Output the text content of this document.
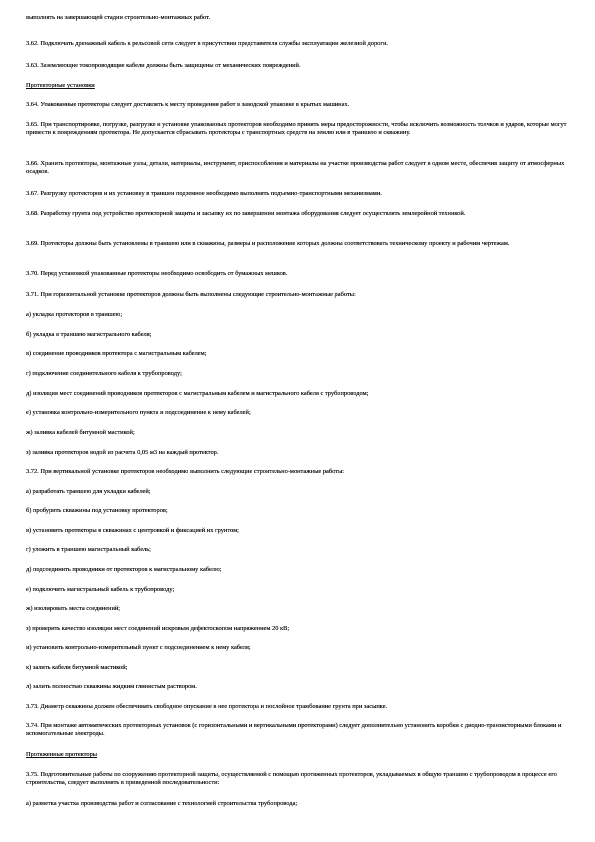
выполнять на завершающей стадии строительно-монтажных работ.

3.62. Подключать дренажный кабель к рельсовой сети следует в присутствии представителя службы эксплуатации железной дороги.

3.63. Заземляющие токопроводящие кабели должны быть защищены от механических повреждений.

Протекторные установки

3.64. Упакованные протекторы следует доставлять к месту проведения работ в заводской упаковке в крытых машинах.

3.65. При транспортировке, погрузке, разгрузке и установке упакованных протекторов необходимо принять меры предосторожности, чтобы исключить возможность толчков и ударов, которые могут привести к повреждениям протектора. Не допускается сбрасывать протекторы с транспортных средств на землю или в траншею и скважину.

3.66. Хранить протекторы, монтажные узлы, детали, материалы, инструмент, приспособления и материалы на участке производства работ следует в одном месте, обеспечив защиту от атмосферных осадков.

3.67. Разгрузку протекторов и их установку в траншеи подземное необходимо выполнять подъемно-транспортными механизмами.

3.68. Разработку грунта под устройство протекторной защиты и засыпку их по завершении монтажа оборудования следует осуществлять землеройной техникой.

3.69. Протекторы должны быть установлены в траншею или в скважины, размеры и расположение которых должны соответствовать техническому проекту и рабочим чертежам.

3.70. Перед установкой упакованные протекторы необходимо освободить от бумажных мешков.

3.71. При горизонтальной установке протекторов должны быть выполнены следующие строительно-монтажные работы:

а) укладка протекторов в траншею;

б) укладка в траншею магистрального кабеля;

в) соединение проводников протектора с магистральным кабелем;

г) подключение соединительного кабеля к трубопроводу;

д) изоляция мест соединений проводников протекторов с магистральным кабелем и магистрального кабеля с трубопроводом;

е) установка контрольно-измерительного пункта и подсоединение к нему кабелей;

ж) заливка кабелей битумной мастикой;

з) заливка протекторов водой из расчета 0,05 м3 на каждый протектор.

3.72. При вертикальной установке протекторов необходимо выполнить следующие строительно-монтажные работы:

а) разработать траншею для укладки кабелей;

б) пробурить скважины под установку протекторов;

в) установить протекторы в скважинах с центровкой и фиксацией их грунтом;

г) уложить в траншею магистральный кабель;

д) подсоединить проводники от протекторов к магистральному кабелю;

е) подключить магистральный кабель к трубопроводу;

ж) изолировать места соединений;

з) проверить качество изоляции мест соединений искровым дефектоскопом напряжением 20 кВ;

и) установить контрольно-измерительный пункт с подсоединением к нему кабеля;

к) залить кабели битумной мастикой;

л) залить полностью скважины жидким глинистым раствором.

3.73. Диаметр скважины должен обеспечивать свободное опускание в нее протектора и послойное трамбование грунта при засыпке.

3.74. При монтаже автоматических протекторных установок (с горизонтальными и вертикальными протекторами) следует дополнительно установить коробки с диодно-транзисторными блоками и вспомогательные электроды.

Протяженные протекторы

3.75. Подготовительные работы по сооружению протекторной защиты, осуществляемой с помощью протяженных протекторов, укладываемых в общую траншею с трубопроводом в процессе его строительства, следует выполнять в приведенной последовательности:

а) разметка участка производства работ и согласование с технологией строительства трубопровода;
